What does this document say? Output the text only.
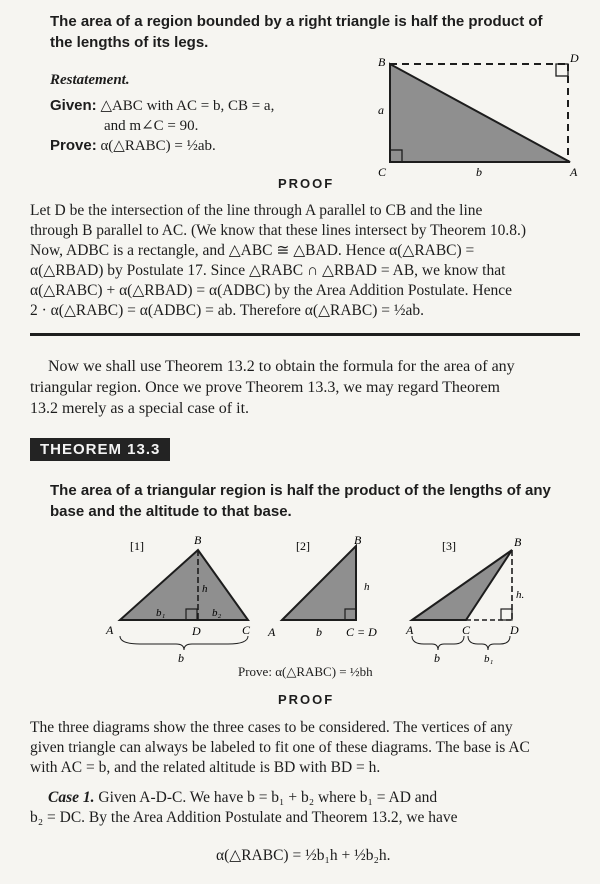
The area of a region bounded by a right triangle is half the product of
the lengths of its legs.
Restatement.
Given: △ABC with AC = b, CB = a,
and m∠C = 90.
Prove: α(△RABC) = ½ab.
B	D
C	A
a
b
PROOF
Let D be the intersection of the line through A parallel to CB and the line
through B parallel to AC. (We know that these lines intersect by Theorem 10.8.)
Now, ADBC is a rectangle, and △ABC ≅ △BAD. Hence α(△RABC) =
α(△RBAD) by Postulate 17. Since △RABC ∩ △RBAD = AB, we know that
α(△RABC) + α(△RBAD) = α(ADBC) by the Area Addition Postulate. Hence
2 · α(△RABC) = α(ADBC) = ab. Therefore α(△RABC) = ½ab.
Now we shall use Theorem 13.2 to obtain the formula for the area of any
triangular region. Once we prove Theorem 13.3, we may regard Theorem
13.2 merely as a special case of it.
THEOREM 13.3
The area of a triangular region is half the product of the lengths of any
base and the altitude to that base.
[1]	B
A	D	C
h
b₁	b₂
b
[2]	B
A
h
b C = D
[3]	B
h.
A	C	D
b	b₁
Prove: α(△RABC) = ½bh
PROOF
The three diagrams show the three cases to be considered. The vertices of any
given triangle can always be labeled to fit one of these diagrams. The base is AC
with AC = b, and the related altitude is BD with BD = h.
Case 1. Given A-D-C. We have b = b₁ + b₂ where b₁ = AD and
b₂ = DC. By the Area Addition Postulate and Theorem 13.2, we have
α(△RABC) = ½b₁h + ½b₂h.
